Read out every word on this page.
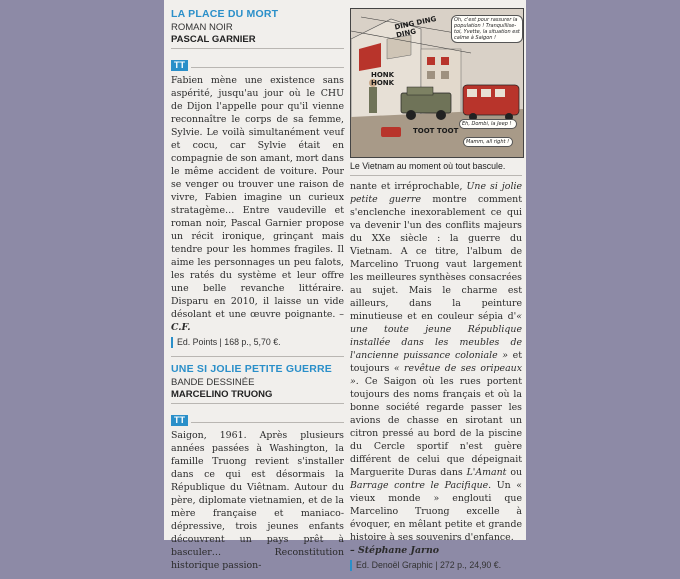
LA PLACE DU MORT
ROMAN NOIR
PASCAL GARNIER
TT

Fabien mène une existence sans aspérité, jusqu'au jour où le CHU de Dijon l'appelle pour qu'il vienne reconnaître le corps de sa femme, Sylvie. Le voilà simultanément veuf et cocu, car Sylvie était en compagnie de son amant, mort dans le même accident de voiture. Pour se venger ou trouver une raison de vivre, Fabien imagine un curieux stratagème… Entre vaudeville et roman noir, Pascal Garnier propose un récit ironique, grinçant mais tendre pour les hommes fragiles. Il aime les personnages un peu falots, les ratés du système et leur offre une belle revanche littéraire. Disparu en 2010, il laisse un vide désolant et une œuvre poignante. – C.F.

Ed. Points | 168 p., 5,70 €.
UNE SI JOLIE PETITE GUERRE
BANDE DESSINÉE
MARCELINO TRUONG
TT

Saigon, 1961. Après plusieurs années passées à Washington, la famille Truong revient s'installer dans ce qui est désormais la République du Viêtnam. Autour du père, diplomate vietnamien, et de la mère française et maniaco-dépressive, trois jeunes enfants découvrent un pays prêt à basculer… Reconstitution historique passion-

Oh, c'est pour rassurer la population ! Tranquillise-toi, Yvette, la situation est calme à Saigon !
Eh, Dombi, la Jeep !
Mamm, all right !
DING DING DING
HONK HONK
TOOT TOOT
Le Vietnam au moment où tout bascule.

nante et irréprochable, Une si jolie petite guerre montre comment s'enclenche inexorablement ce qui va devenir l'un des conflits majeurs du XXe siècle : la guerre du Vietnam. A ce titre, l'album de Marcelino Truong vaut largement les meilleures synthèses consacrées au sujet. Mais le charme est ailleurs, dans la peinture minutieuse et en couleur sépia d'« une toute jeune République installée dans les meubles de l'ancienne puissance coloniale » et toujours « revêtue de ses oripeaux ». Ce Saigon où les rues portent toujours des noms français et où la bonne société regarde passer les avions de chasse en sirotant un citron pressé au bord de la piscine du Cercle sportif n'est guère différent de celui que dépeignait Marguerite Duras dans L'Amant ou Barrage contre le Pacifique. Un « vieux monde » englouti que Marcelino Truong excelle à évoquer, en mêlant petite et grande histoire à ses souvenirs d'enfance.
– Stéphane Jarno

Ed. Denoël Graphic | 272 p., 24,90 €.
